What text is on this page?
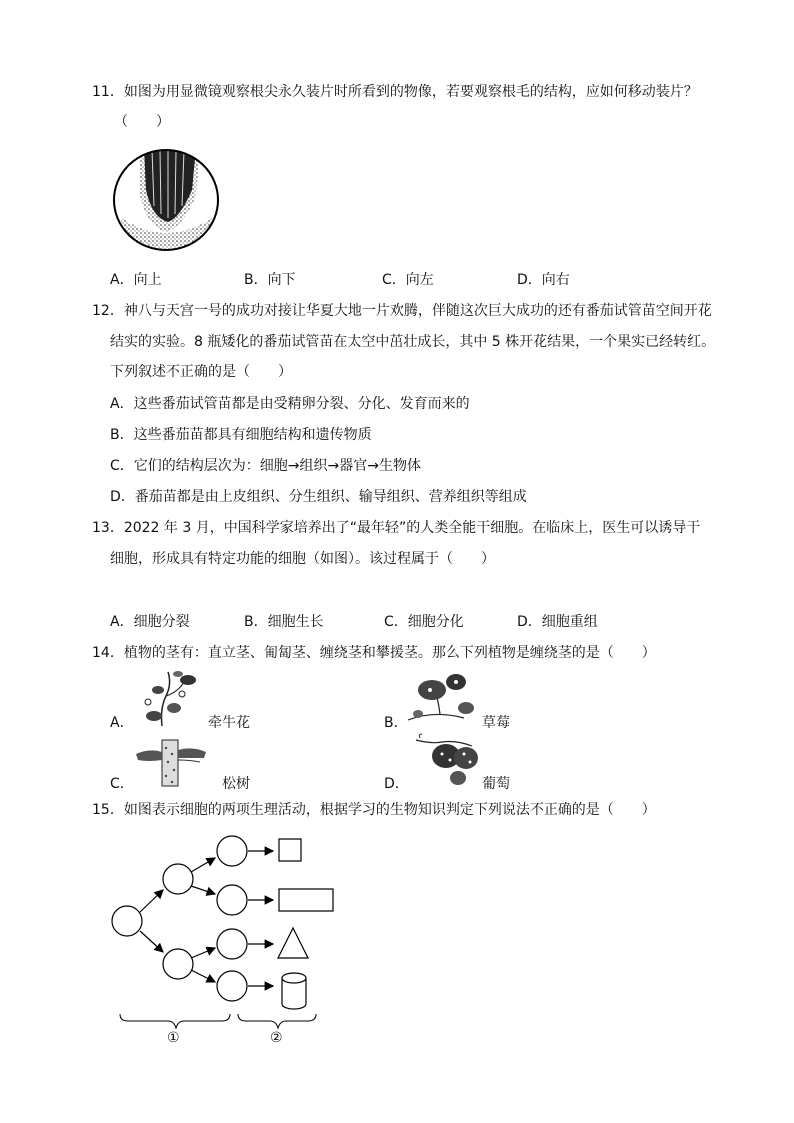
11．如图为用显微镜观察根尖永久装片时所看到的物像，若要观察根毛的结构，应如何移动装片？
（　　）
A．向上	B．向下	C．向左	D．向右
12．神八与天宫一号的成功对接让华夏大地一片欢腾，伴随这次巨大成功的还有番茄试管苗空间开花
结实的实验。8 瓶矮化的番茄试管苗在太空中茁壮成长，其中 5 株开花结果，一个果实已经转红。
下列叙述不正确的是（　　）
A．这些番茄试管苗都是由受精卵分裂、分化、发育而来的
B．这些番茄苗都具有细胞结构和遗传物质
C．它们的结构层次为：细胞→组织→器官→生物体
D．番茄苗都是由上皮组织、分生组织、输导组织、营养组织等组成
13．2022 年 3 月，中国科学家培养出了“最年轻”的人类全能干细胞。在临床上，医生可以诱导干
细胞，形成具有特定功能的细胞（如图）。该过程属于（　　）
A．细胞分裂	B．细胞生长	C．细胞分化	D．细胞重组
14．植物的茎有：直立茎、匍匐茎、缠绕茎和攀援茎。那么下列植物是缠绕茎的是（　　）
A．	牵牛花	B．	草莓
C．	松树	D．	葡萄
15．如图表示细胞的两项生理活动，根据学习的生物知识判定下列说法不正确的是（　　）
①	②
